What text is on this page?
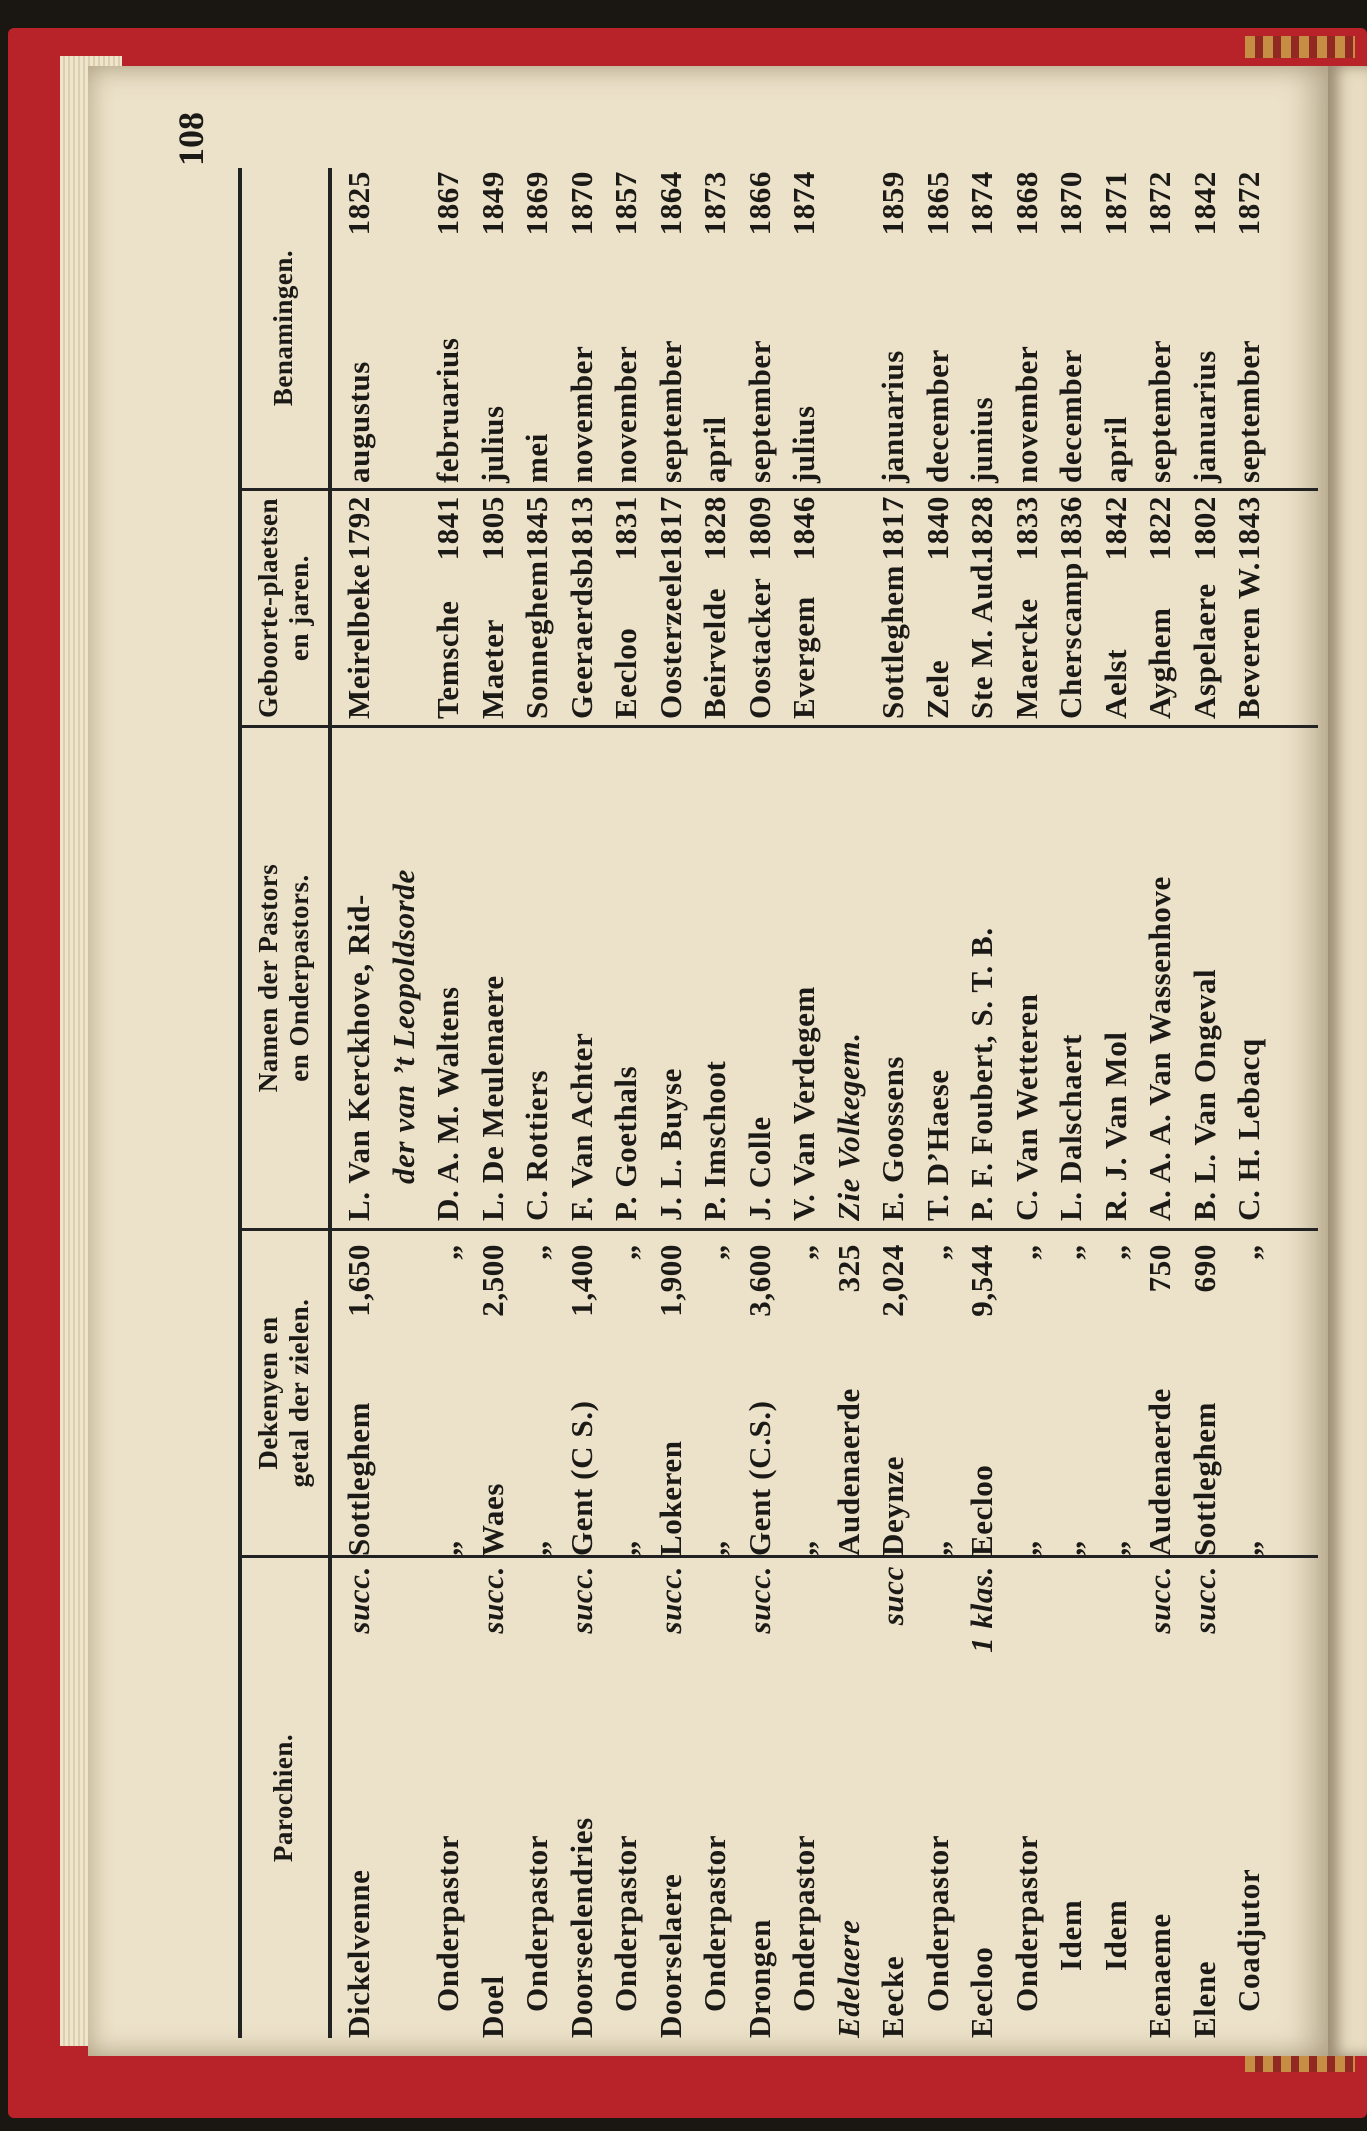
108
Parochien.
Dekenyen en getal der zielen.
Namen der Pastors en Onderpastors.
Geboorte-plaetsen en jaren.
Benamingen.
Dickelvenne
succ.
Sottleghem
1,650
L. Van Kerckhove, Rid-
Meirelbeke
1792
augustus
1825
der van ’t Leopoldsorde
Onderpastor
„
„
D. A. M. Waltens
Temsche
1841
februarius
1867
Doel
succ.
Waes
2,500
L. De Meulenaere
Maeter
1805
julius
1849
Onderpastor
„
„
C. Rottiers
Sonneghem
1845
mei
1869
Doorseelendries
succ.
Gent (C S.)
1,400
F. Van Achter
Geeraerdsb.
1813
november
1870
Onderpastor
„
„
P. Goethals
Eecloo
1831
november
1857
Doorselaere
succ.
Lokeren
1,900
J. L. Buyse
Oosterzeele
1817
september
1864
Onderpastor
„
„
P. Imschoot
Beirvelde
1828
april
1873
Drongen
succ.
Gent (C.S.)
3,600
J. Colle
Oostacker
1809
september
1866
Onderpastor
„
„
V. Van Verdegem
Evergem
1846
julius
1874
Edelaere
Audenaerde
325
Zie Volkegem.
Eecke
succ
Deynze
2,024
E. Goossens
Sottleghem
1817
januarius
1859
Onderpastor
„
„
T. D’Haese
Zele
1840
december
1865
Eecloo
1 klas.
Eecloo
9,544
P. F. Foubert, S. T. B.
Ste M. Aud.
1828
junius
1874
Onderpastor
„
„
C. Van Wetteren
Maercke
1833
november
1868
Idem
„
„
L. Dalschaert
Cherscamp
1836
december
1870
Idem
„
„
R. J. Van Mol
Aelst
1842
april
1871
Eenaeme
succ.
Audenaerde
750
A. A. A. Van Wassenhove
Ayghem
1822
september
1872
Elene
succ.
Sottleghem
690
B. L. Van Ongeval
Aspelaere
1802
januarius
1842
Coadjutor
„
„
C. H. Lebacq
Beveren W.
1843
september
1872
